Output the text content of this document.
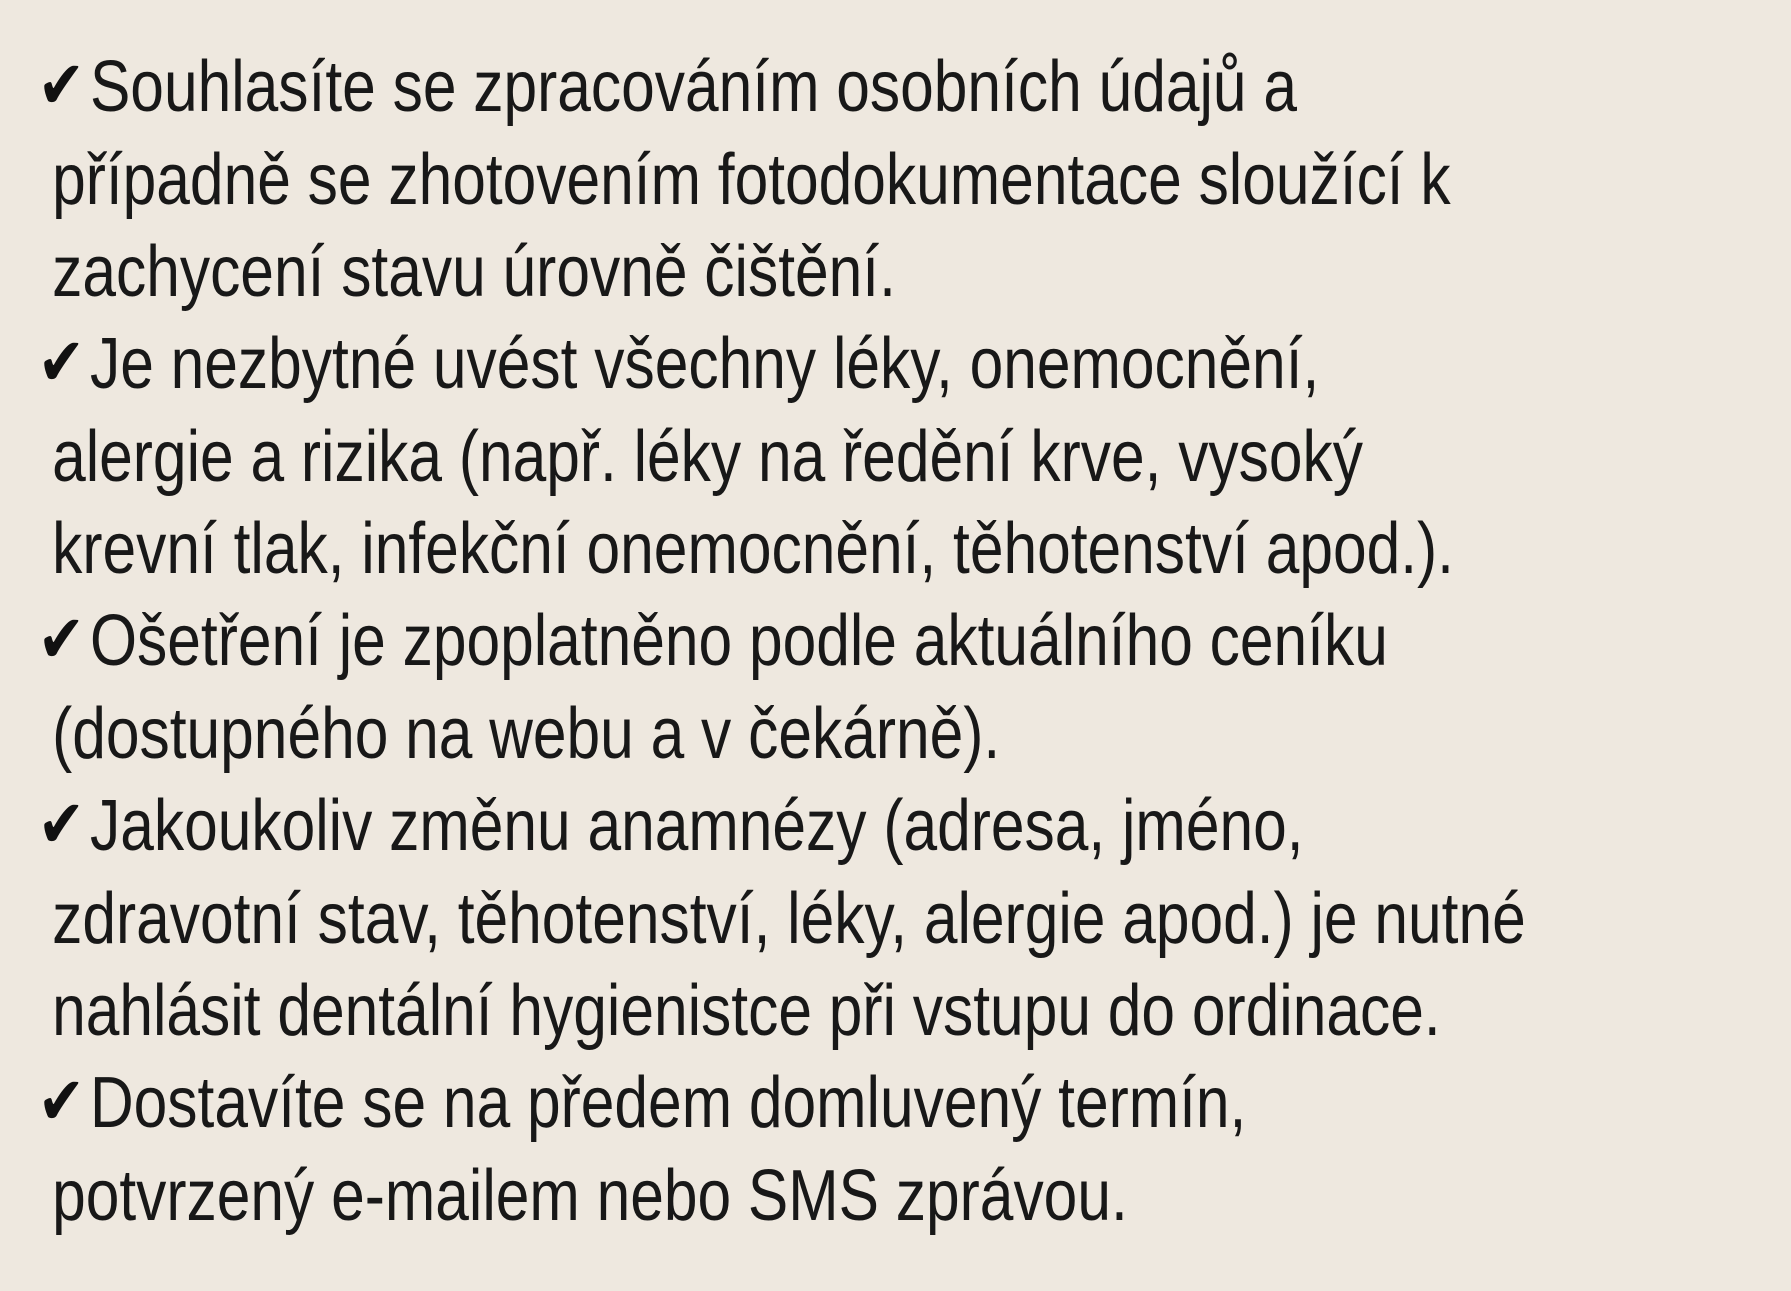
✔Souhlasíte se zpracováním osobních údajů a
případně se zhotovením fotodokumentace sloužící k
zachycení stavu úrovně čištění.
✔Je nezbytné uvést všechny léky, onemocnění,
alergie a rizika (např. léky na ředění krve, vysoký
krevní tlak, infekční onemocnění, těhotenství apod.).
✔Ošetření je zpoplatněno podle aktuálního ceníku
(dostupného na webu a v čekárně).
✔Jakoukoliv změnu anamnézy (adresa, jméno,
zdravotní stav, těhotenství, léky, alergie apod.) je nutné
nahlásit dentální hygienistce při vstupu do ordinace.
✔Dostavíte se na předem domluvený termín,
potvrzený e-mailem nebo SMS zprávou.
